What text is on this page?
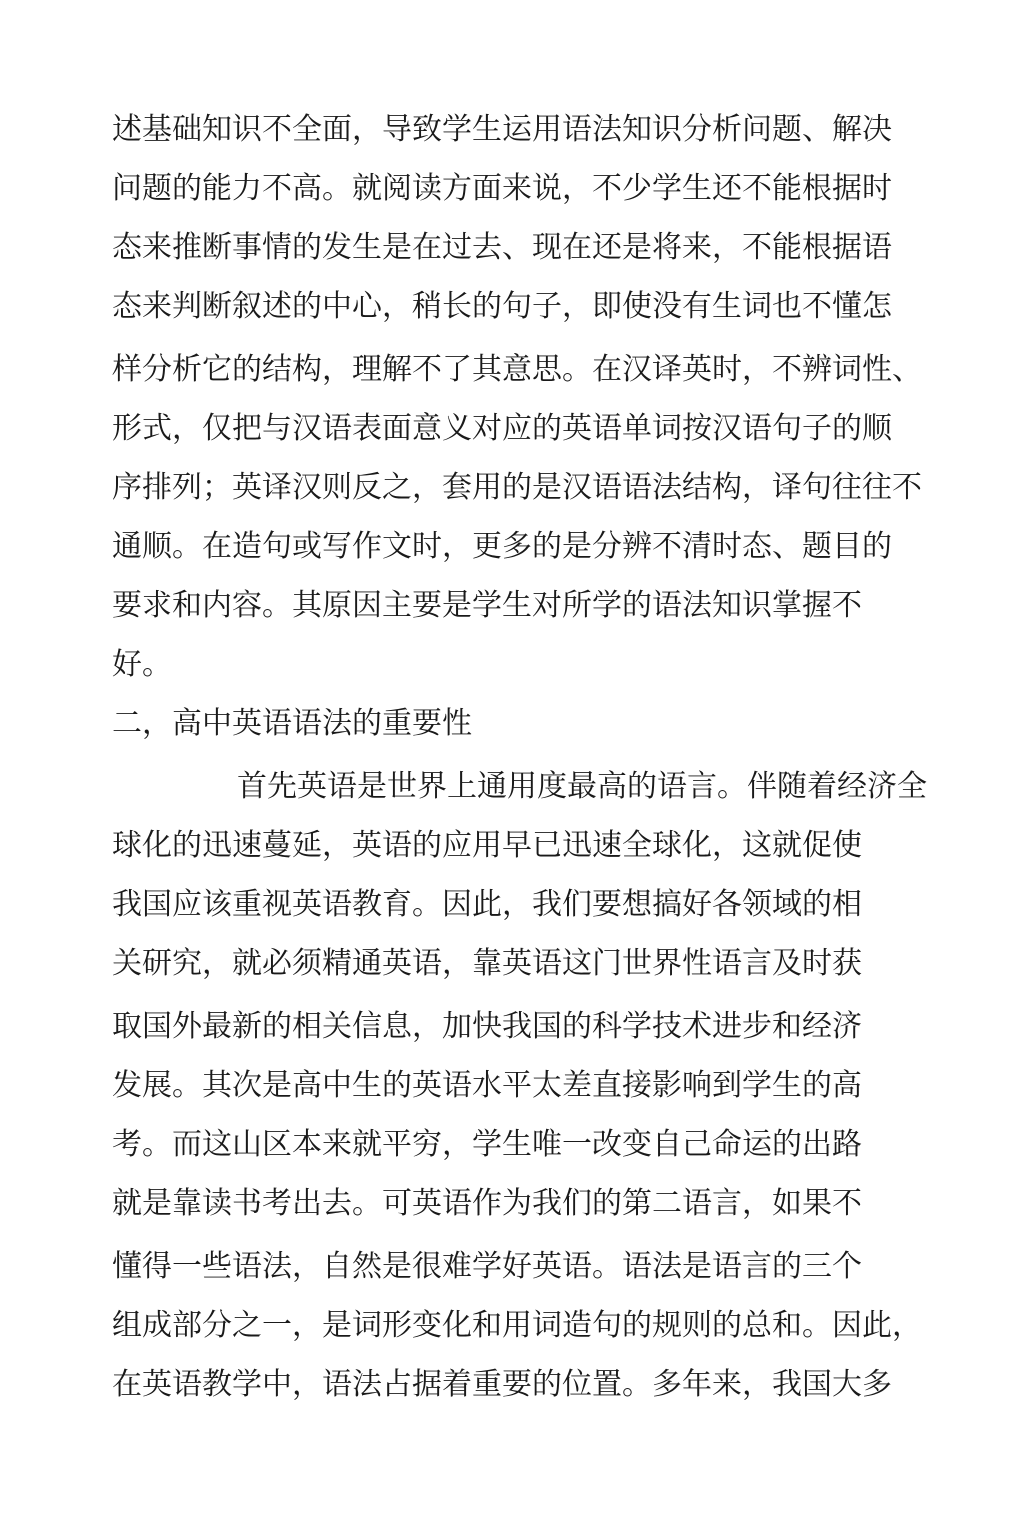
述基础知识不全面，导致学生运用语法知识分析问题、解决
问题的能力不高。就阅读方面来说，不少学生还不能根据时
态来推断事情的发生是在过去、现在还是将来，不能根据语
态来判断叙述的中心，稍长的句子，即使没有生词也不懂怎
样分析它的结构，理解不了其意思。在汉译英时，不辨词性、
形式，仅把与汉语表面意义对应的英语单词按汉语句子的顺
序排列；英译汉则反之，套用的是汉语语法结构，译句往往不
通顺。在造句或写作文时，更多的是分辨不清时态、题目的
要求和内容。其原因主要是学生对所学的语法知识掌握不
好。
二，高中英语语法的重要性
首先英语是世界上通用度最高的语言。伴随着经济全
球化的迅速蔓延，英语的应用早已迅速全球化，这就促使
我国应该重视英语教育。因此，我们要想搞好各领域的相
关研究，就必须精通英语，靠英语这门世界性语言及时获
取国外最新的相关信息，加快我国的科学技术进步和经济
发展。其次是高中生的英语水平太差直接影响到学生的高
考。而这山区本来就平穷，学生唯一改变自己命运的出路
就是靠读书考出去。可英语作为我们的第二语言，如果不
懂得一些语法，自然是很难学好英语。语法是语言的三个
组成部分之一，是词形变化和用词造句的规则的总和。因此，
在英语教学中，语法占据着重要的位置。多年来，我国大多
